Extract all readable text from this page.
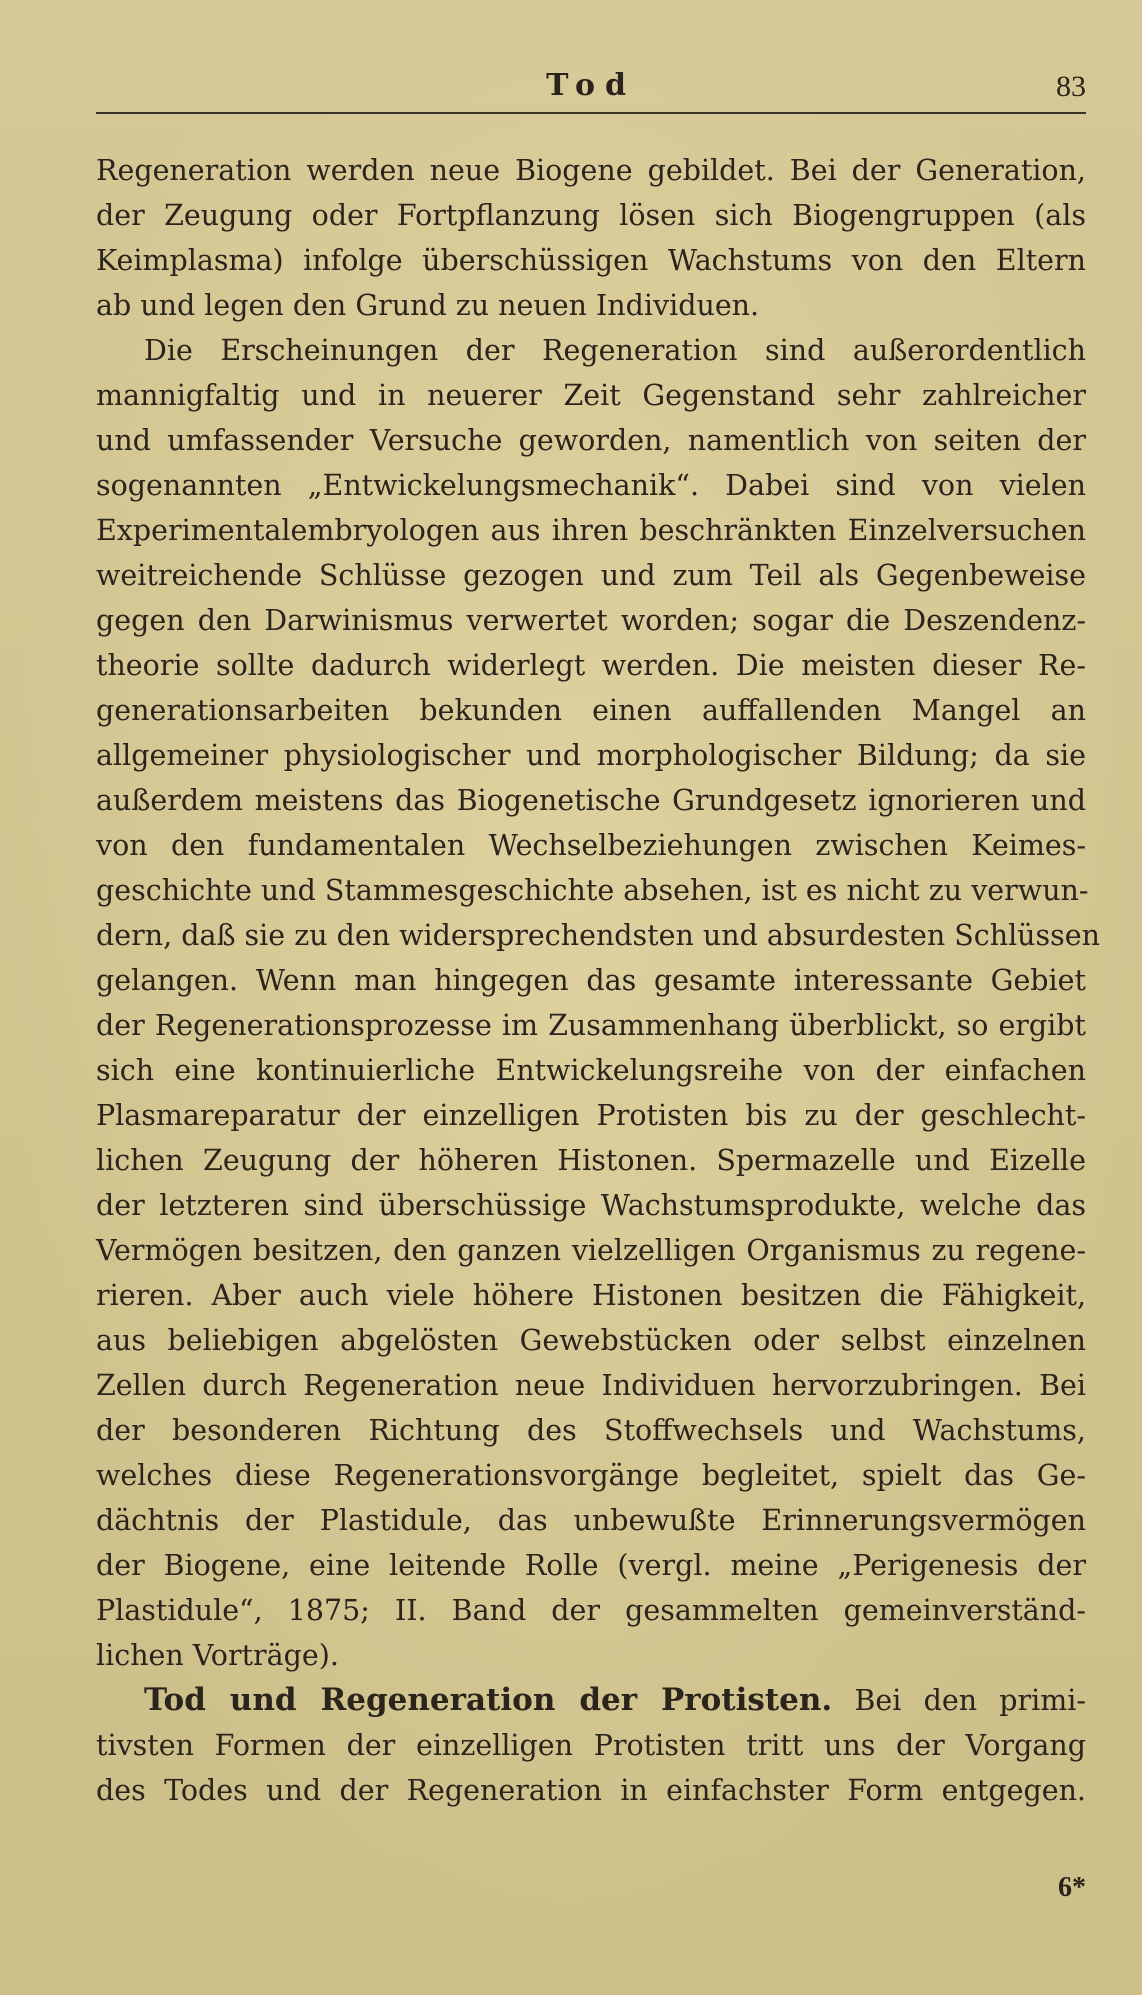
Tod	83
Regeneration werden neue Biogene gebildet. Bei der Generation,
der Zeugung oder Fortpflanzung lösen sich Biogengruppen (als
Keimplasma) infolge überschüssigen Wachstums von den Eltern
ab und legen den Grund zu neuen Individuen.
Die Erscheinungen der Regeneration sind außerordentlich
mannigfaltig und in neuerer Zeit Gegenstand sehr zahlreicher
und umfassender Versuche geworden, namentlich von seiten der
sogenannten „Entwickelungsmechanik“. Dabei sind von vielen
Experimentalembryologen aus ihren beschränkten Einzelversuchen
weitreichende Schlüsse gezogen und zum Teil als Gegenbeweise
gegen den Darwinismus verwertet worden; sogar die Deszendenz-
theorie sollte dadurch widerlegt werden. Die meisten dieser Re-
generationsarbeiten bekunden einen auffallenden Mangel an
allgemeiner physiologischer und morphologischer Bildung; da sie
außerdem meistens das Biogenetische Grundgesetz ignorieren und
von den fundamentalen Wechselbeziehungen zwischen Keimes-
geschichte und Stammesgeschichte absehen, ist es nicht zu verwun-
dern, daß sie zu den widersprechendsten und absurdesten Schlüssen
gelangen. Wenn man hingegen das gesamte interessante Gebiet
der Regenerationsprozesse im Zusammenhang überblickt, so ergibt
sich eine kontinuierliche Entwickelungsreihe von der einfachen
Plasmareparatur der einzelligen Protisten bis zu der geschlecht-
lichen Zeugung der höheren Histonen. Spermazelle und Eizelle
der letzteren sind überschüssige Wachstumsprodukte, welche das
Vermögen besitzen, den ganzen vielzelligen Organismus zu regene-
rieren. Aber auch viele höhere Histonen besitzen die Fähigkeit,
aus beliebigen abgelösten Gewebstücken oder selbst einzelnen
Zellen durch Regeneration neue Individuen hervorzubringen. Bei
der besonderen Richtung des Stoffwechsels und Wachstums,
welches diese Regenerationsvorgänge begleitet, spielt das Ge-
dächtnis der Plastidule, das unbewußte Erinnerungsvermögen
der Biogene, eine leitende Rolle (vergl. meine „Perigenesis der
Plastidule“, 1875; II. Band der gesammelten gemeinverständ-
lichen Vorträge).
Tod und Regeneration der Protisten. Bei den primi-
tivsten Formen der einzelligen Protisten tritt uns der Vorgang
des Todes und der Regeneration in einfachster Form entgegen.
6*
